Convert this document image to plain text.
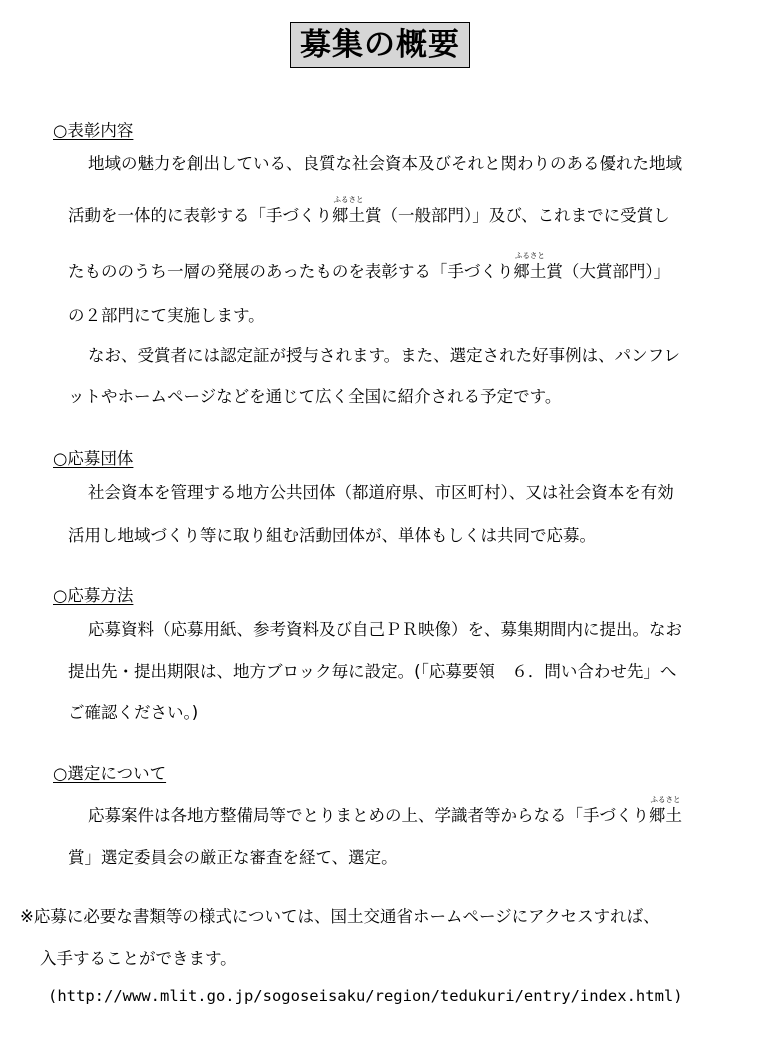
募集の概要
○表彰内容
地域の魅力を創出している、良質な社会資本及びそれと関わりのある優れた地域
活動を一体的に表彰する「手づくり
ふるさと
郷土賞（一般部門）」及び、これまでに受賞し
たもののうち一層の発展のあったものを表彰する「手づくり
ふるさと
郷土賞（大賞部門）」
の２部門にて実施します。
なお、受賞者には認定証が授与されます。また、選定された好事例は、パンフレ
ットやホームページなどを通じて広く全国に紹介される予定です。
○応募団体
社会資本を管理する地方公共団体（都道府県、市区町村）、又は社会資本を有効
活用し地域づくり等に取り組む活動団体が、単体もしくは共同で応募。
○応募方法
応募資料（応募用紙、参考資料及び自己ＰＲ映像）を、募集期間内に提出。なお
提出先・提出期限は、地方ブロック毎に設定。(「応募要領　６．問い合わせ先」へ
ご確認ください。)
○選定について
応募案件は各地方整備局等でとりまとめの上、学識者等からなる「手づくり
ふるさと
郷土
賞」選定委員会の厳正な審査を経て、選定。
※応募に必要な書類等の様式については、国土交通省ホームページにアクセスすれば、
入手することができます。
(http://www.mlit.go.jp/sogoseisaku/region/tedukuri/entry/index.html)
